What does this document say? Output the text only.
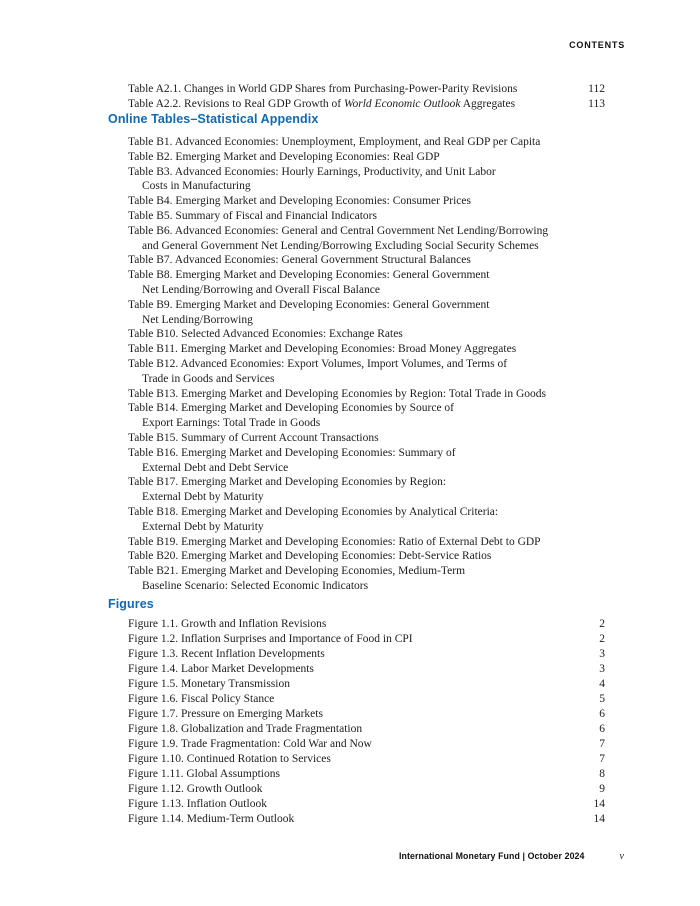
CONTENTS
Table A2.1. Changes in World GDP Shares from Purchasing-Power-Parity Revisions	112
Table A2.2. Revisions to Real GDP Growth of World Economic Outlook Aggregates	113
Online Tables–Statistical Appendix
Table B1. Advanced Economies: Unemployment, Employment, and Real GDP per Capita
Table B2. Emerging Market and Developing Economies: Real GDP
Table B3. Advanced Economies: Hourly Earnings, Productivity, and Unit Labor
Costs in Manufacturing
Table B4. Emerging Market and Developing Economies: Consumer Prices
Table B5. Summary of Fiscal and Financial Indicators
Table B6. Advanced Economies: General and Central Government Net Lending/Borrowing
and General Government Net Lending/Borrowing Excluding Social Security Schemes
Table B7. Advanced Economies: General Government Structural Balances
Table B8. Emerging Market and Developing Economies: General Government
Net Lending/Borrowing and Overall Fiscal Balance
Table B9. Emerging Market and Developing Economies: General Government
Net Lending/Borrowing
Table B10. Selected Advanced Economies: Exchange Rates
Table B11. Emerging Market and Developing Economies: Broad Money Aggregates
Table B12. Advanced Economies: Export Volumes, Import Volumes, and Terms of
Trade in Goods and Services
Table B13. Emerging Market and Developing Economies by Region: Total Trade in Goods
Table B14. Emerging Market and Developing Economies by Source of
Export Earnings: Total Trade in Goods
Table B15. Summary of Current Account Transactions
Table B16. Emerging Market and Developing Economies: Summary of
External Debt and Debt Service
Table B17. Emerging Market and Developing Economies by Region:
External Debt by Maturity
Table B18. Emerging Market and Developing Economies by Analytical Criteria:
External Debt by Maturity
Table B19. Emerging Market and Developing Economies: Ratio of External Debt to GDP
Table B20. Emerging Market and Developing Economies: Debt-Service Ratios
Table B21. Emerging Market and Developing Economies, Medium-Term
Baseline Scenario: Selected Economic Indicators
Figures
Figure 1.1. Growth and Inflation Revisions	2
Figure 1.2. Inflation Surprises and Importance of Food in CPI	2
Figure 1.3. Recent Inflation Developments	3
Figure 1.4. Labor Market Developments	3
Figure 1.5. Monetary Transmission	4
Figure 1.6. Fiscal Policy Stance	5
Figure 1.7. Pressure on Emerging Markets	6
Figure 1.8. Globalization and Trade Fragmentation	6
Figure 1.9. Trade Fragmentation: Cold War and Now	7
Figure 1.10. Continued Rotation to Services	7
Figure 1.11. Global Assumptions	8
Figure 1.12. Growth Outlook	9
Figure 1.13. Inflation Outlook	14
Figure 1.14. Medium-Term Outlook	14
International Monetary Fund | October 2024	v
